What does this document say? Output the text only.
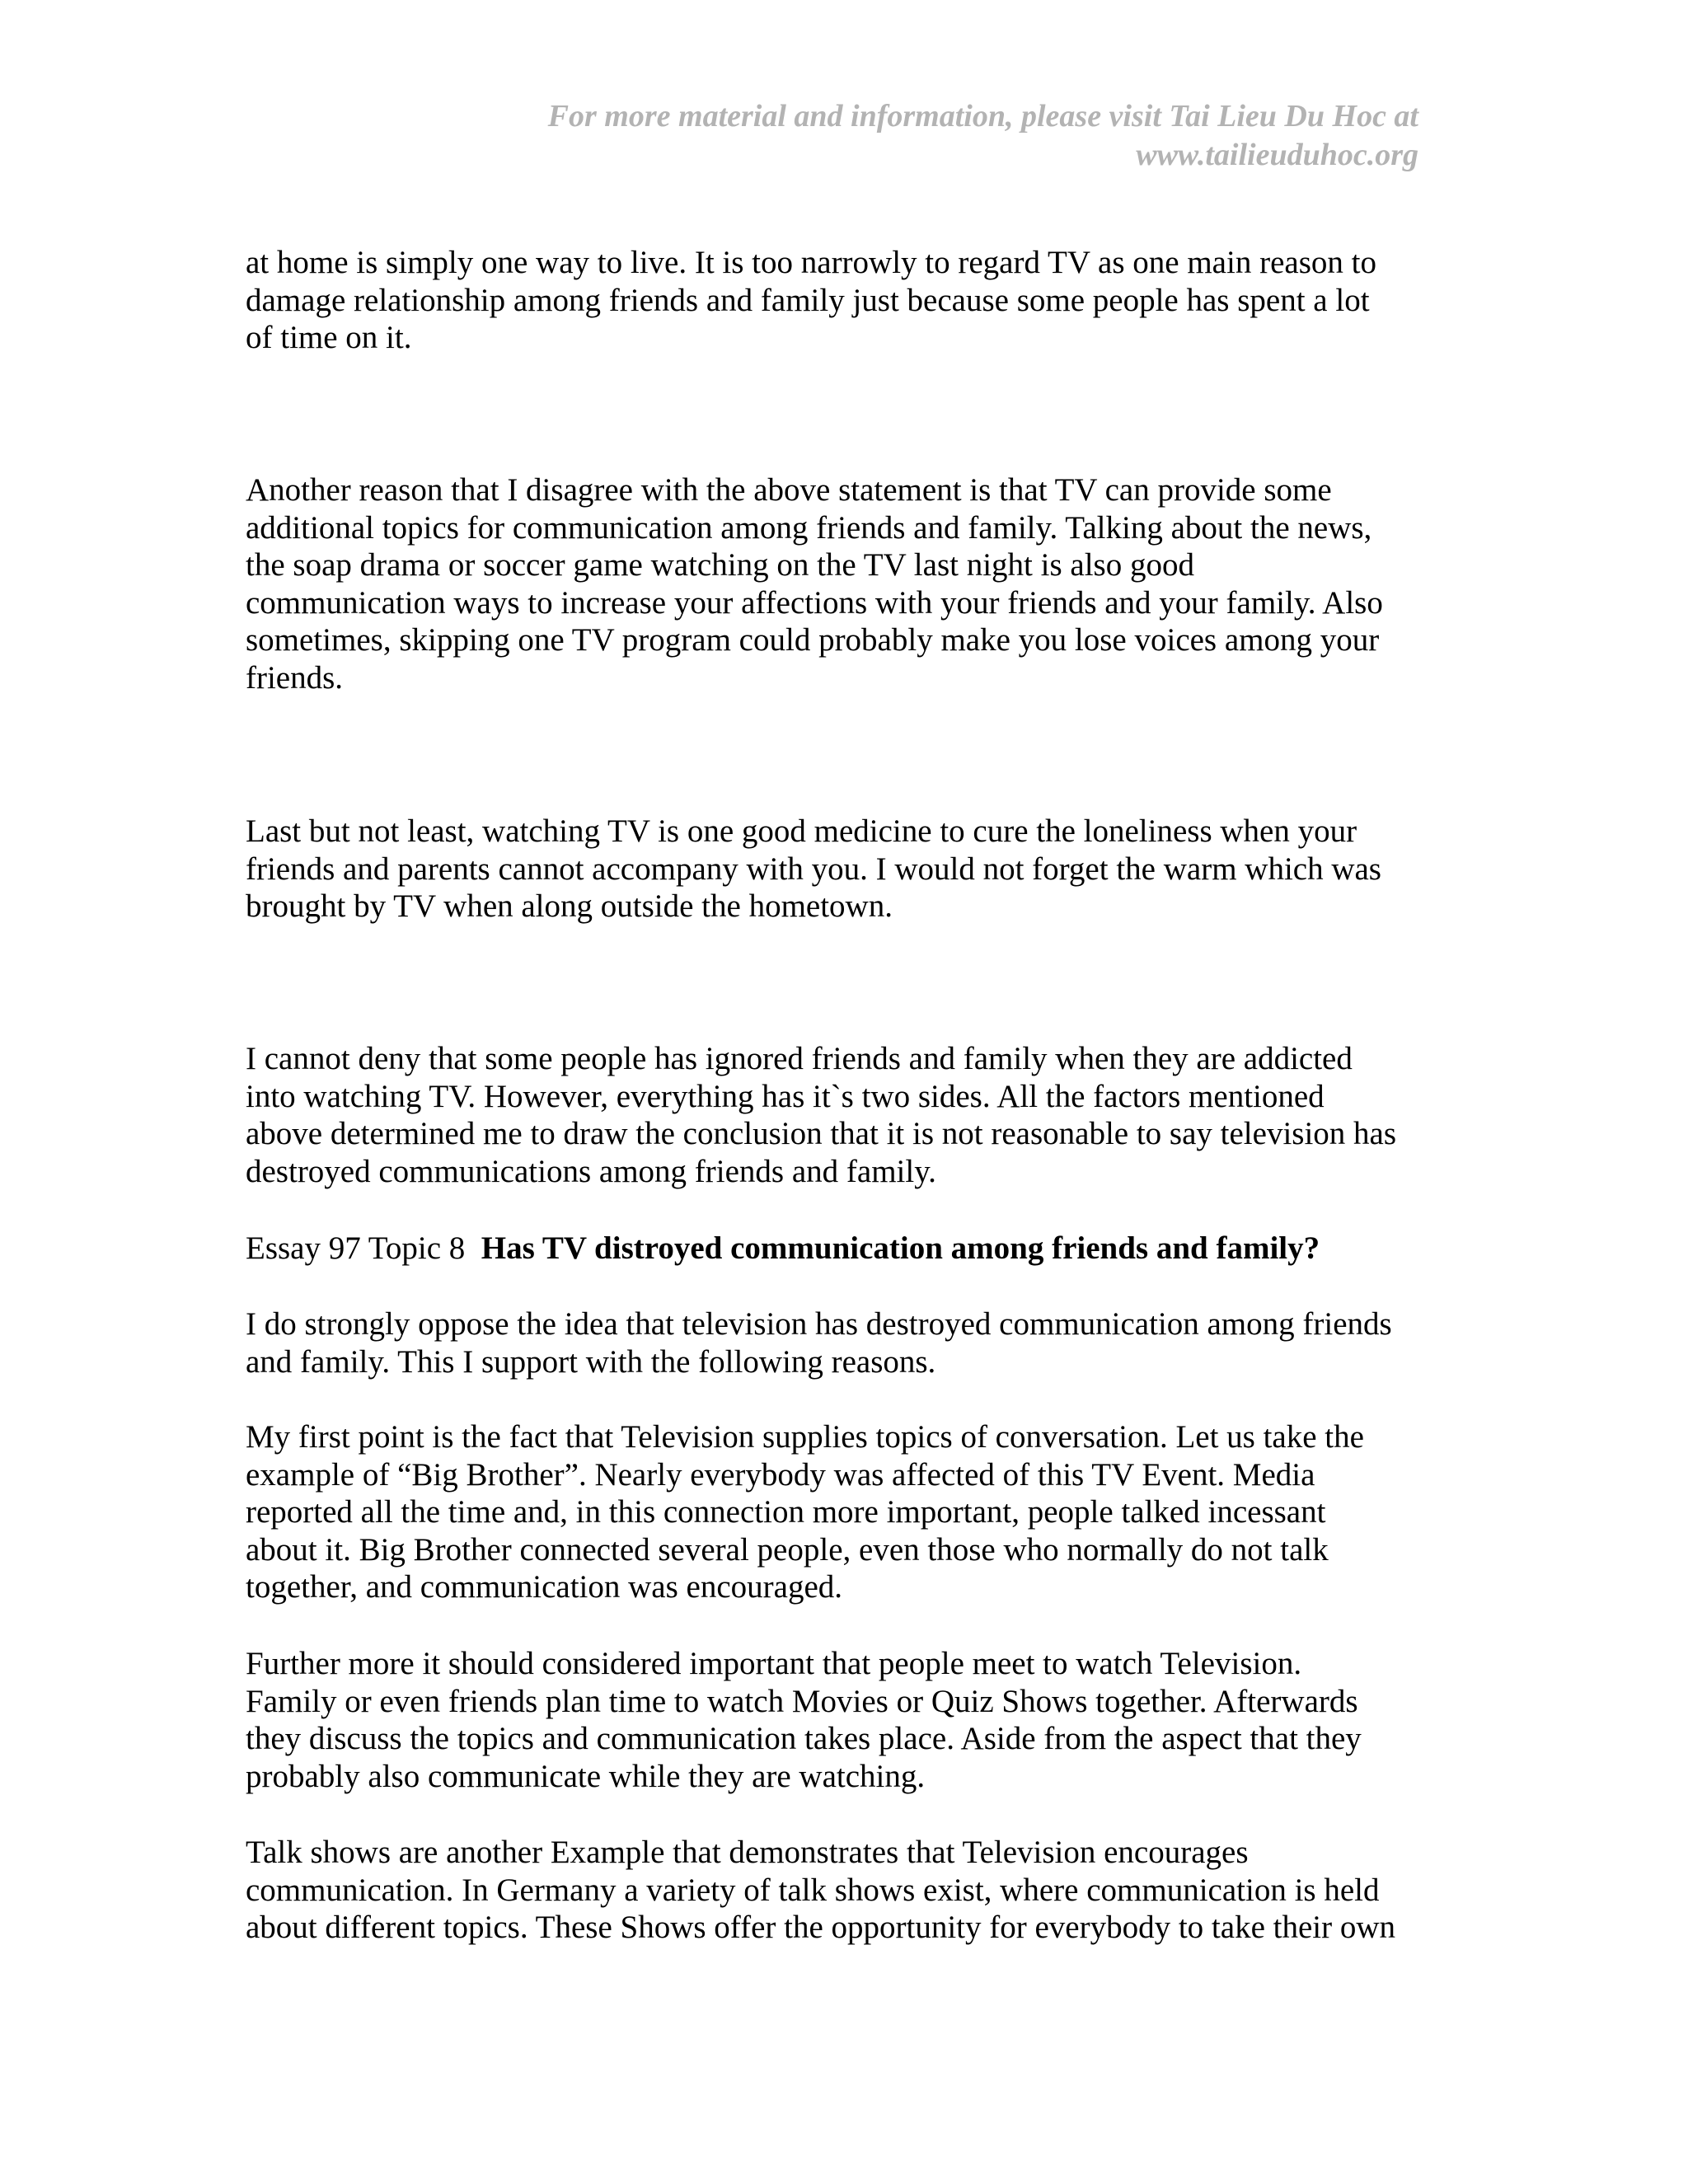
For more material and information, please visit Tai Lieu Du Hoc at
www.tailieuduhoc.org
at home is simply one way to live. It is too narrowly to regard TV as one main reason to
damage relationship among friends and family just because some people has spent a lot
of time on it.
Another reason that I disagree with the above statement is that TV can provide some
additional topics for communication among friends and family. Talking about the news,
the soap drama or soccer game watching on the TV last night is also good
communication ways to increase your affections with your friends and your family. Also
sometimes, skipping one TV program could probably make you lose voices among your
friends.
Last but not least, watching TV is one good medicine to cure the loneliness when your
friends and parents cannot accompany with you. I would not forget the warm which was
brought by TV when along outside the hometown.
I cannot deny that some people has ignored friends and family when they are addicted
into watching TV. However, everything has it`s two sides. All the factors mentioned
above determined me to draw the conclusion that it is not reasonable to say television has
destroyed communications among friends and family.
Essay 97 Topic 8 Has TV distroyed communication among friends and family?
I do strongly oppose the idea that television has destroyed communication among friends
and family. This I support with the following reasons.
My first point is the fact that Television supplies topics of conversation. Let us take the
example of “Big Brother”. Nearly everybody was affected of this TV Event. Media
reported all the time and, in this connection more important, people talked incessant
about it. Big Brother connected several people, even those who normally do not talk
together, and communication was encouraged.
Further more it should considered important that people meet to watch Television.
Family or even friends plan time to watch Movies or Quiz Shows together. Afterwards
they discuss the topics and communication takes place. Aside from the aspect that they
probably also communicate while they are watching.
Talk shows are another Example that demonstrates that Television encourages
communication. In Germany a variety of talk shows exist, where communication is held
about different topics. These Shows offer the opportunity for everybody to take their own
